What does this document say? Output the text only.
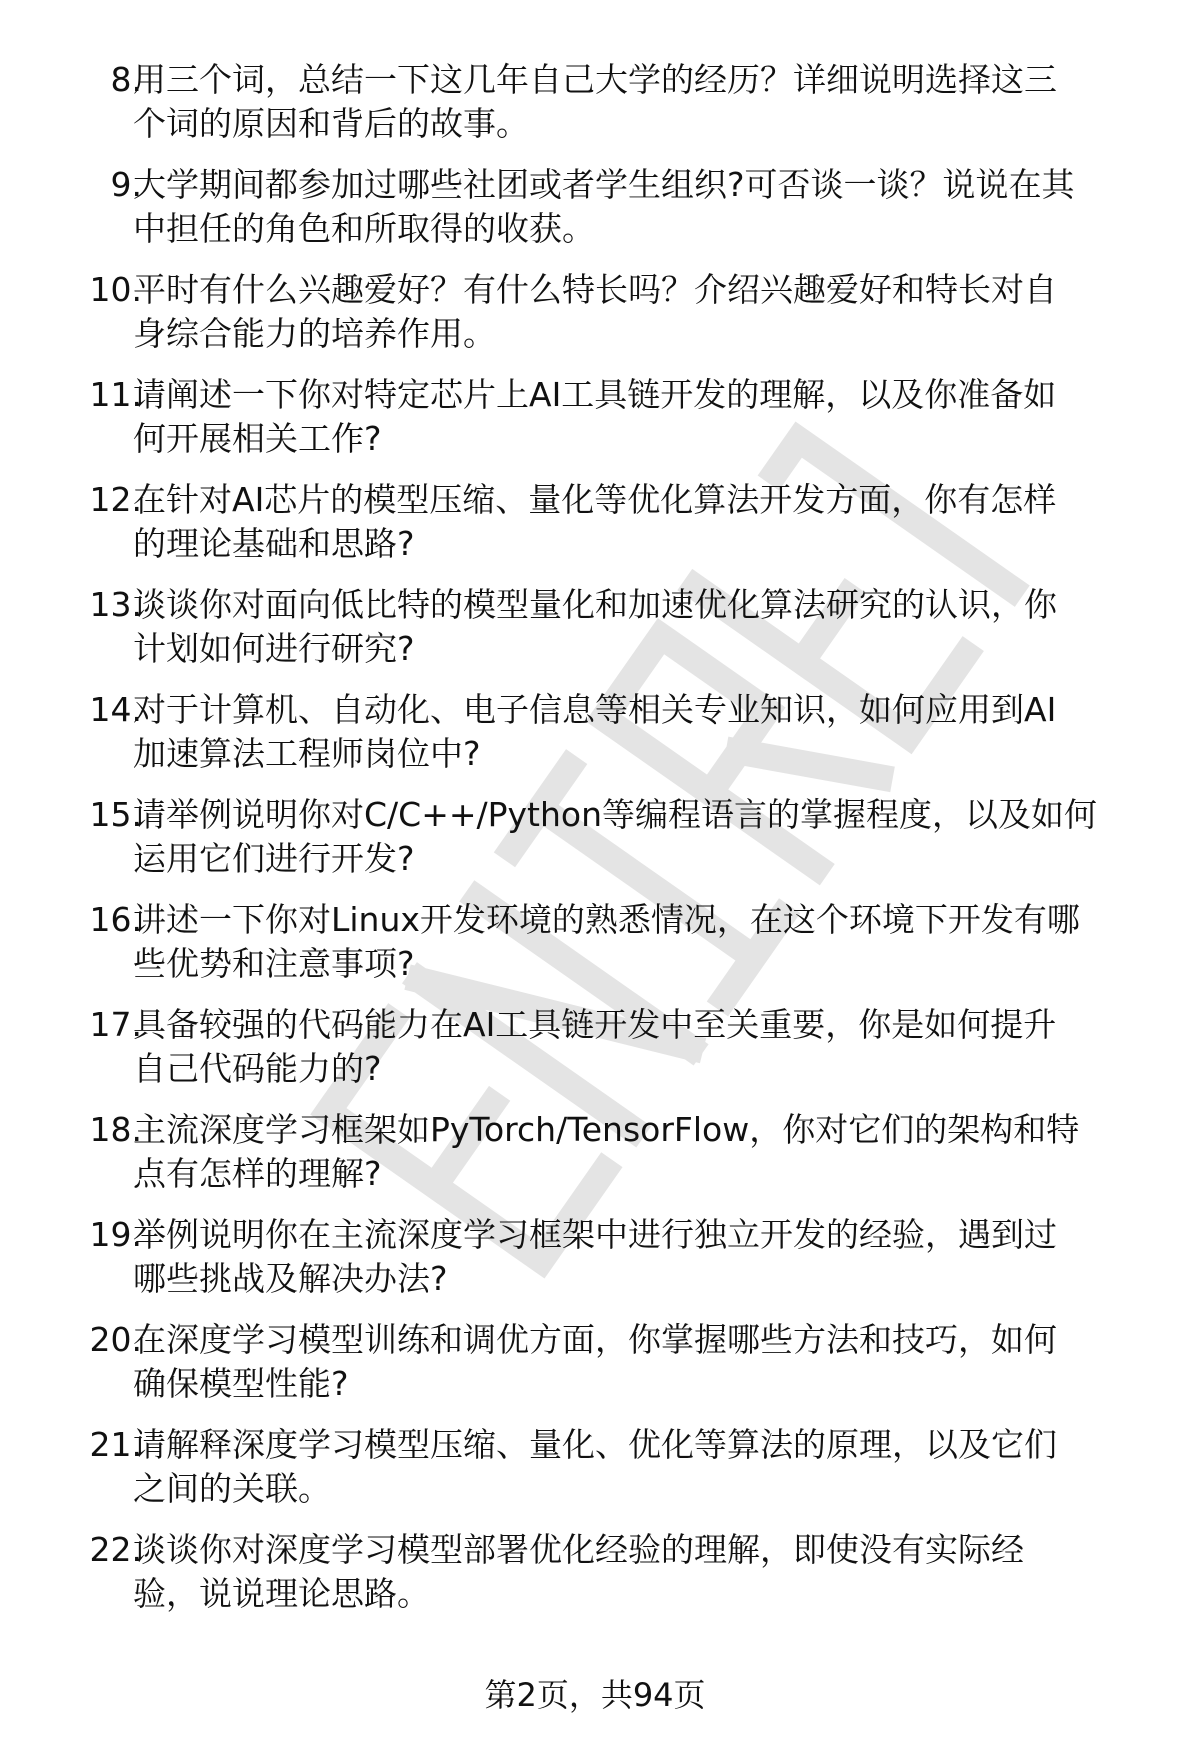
8.
用三个词，总结一下这几年自己大学的经历？详细说明选择这三
个词的原因和背后的故事。
9.
大学期间都参加过哪些社团或者学生组织?可否谈一谈？说说在其
中担任的角色和所取得的收获。
10.
平时有什么兴趣爱好？有什么特长吗？介绍兴趣爱好和特长对自
身综合能力的培养作用。
11.
请阐述一下你对特定芯片上AI工具链开发的理解，以及你准备如
何开展相关工作?
12.
在针对AI芯片的模型压缩、量化等优化算法开发方面，你有怎样
的理论基础和思路?
13.
谈谈你对面向低比特的模型量化和加速优化算法研究的认识，你
计划如何进行研究?
14.
对于计算机、自动化、电子信息等相关专业知识，如何应用到AI
加速算法工程师岗位中?
15.
请举例说明你对C/C++/Python等编程语言的掌握程度，以及如何
运用它们进行开发?
16.
讲述一下你对Linux开发环境的熟悉情况，在这个环境下开发有哪
些优势和注意事项?
17.
具备较强的代码能力在AI工具链开发中至关重要，你是如何提升
自己代码能力的?
18.
主流深度学习框架如PyTorch/TensorFlow，你对它们的架构和特
点有怎样的理解?
19.
举例说明你在主流深度学习框架中进行独立开发的经验，遇到过
哪些挑战及解决办法?
20.
在深度学习模型训练和调优方面，你掌握哪些方法和技巧，如何
确保模型性能?
21.
请解释深度学习模型压缩、量化、优化等算法的原理，以及它们
之间的关联。
22.
谈谈你对深度学习模型部署优化经验的理解，即使没有实际经
验，说说理论思路。
第2页，共94页
